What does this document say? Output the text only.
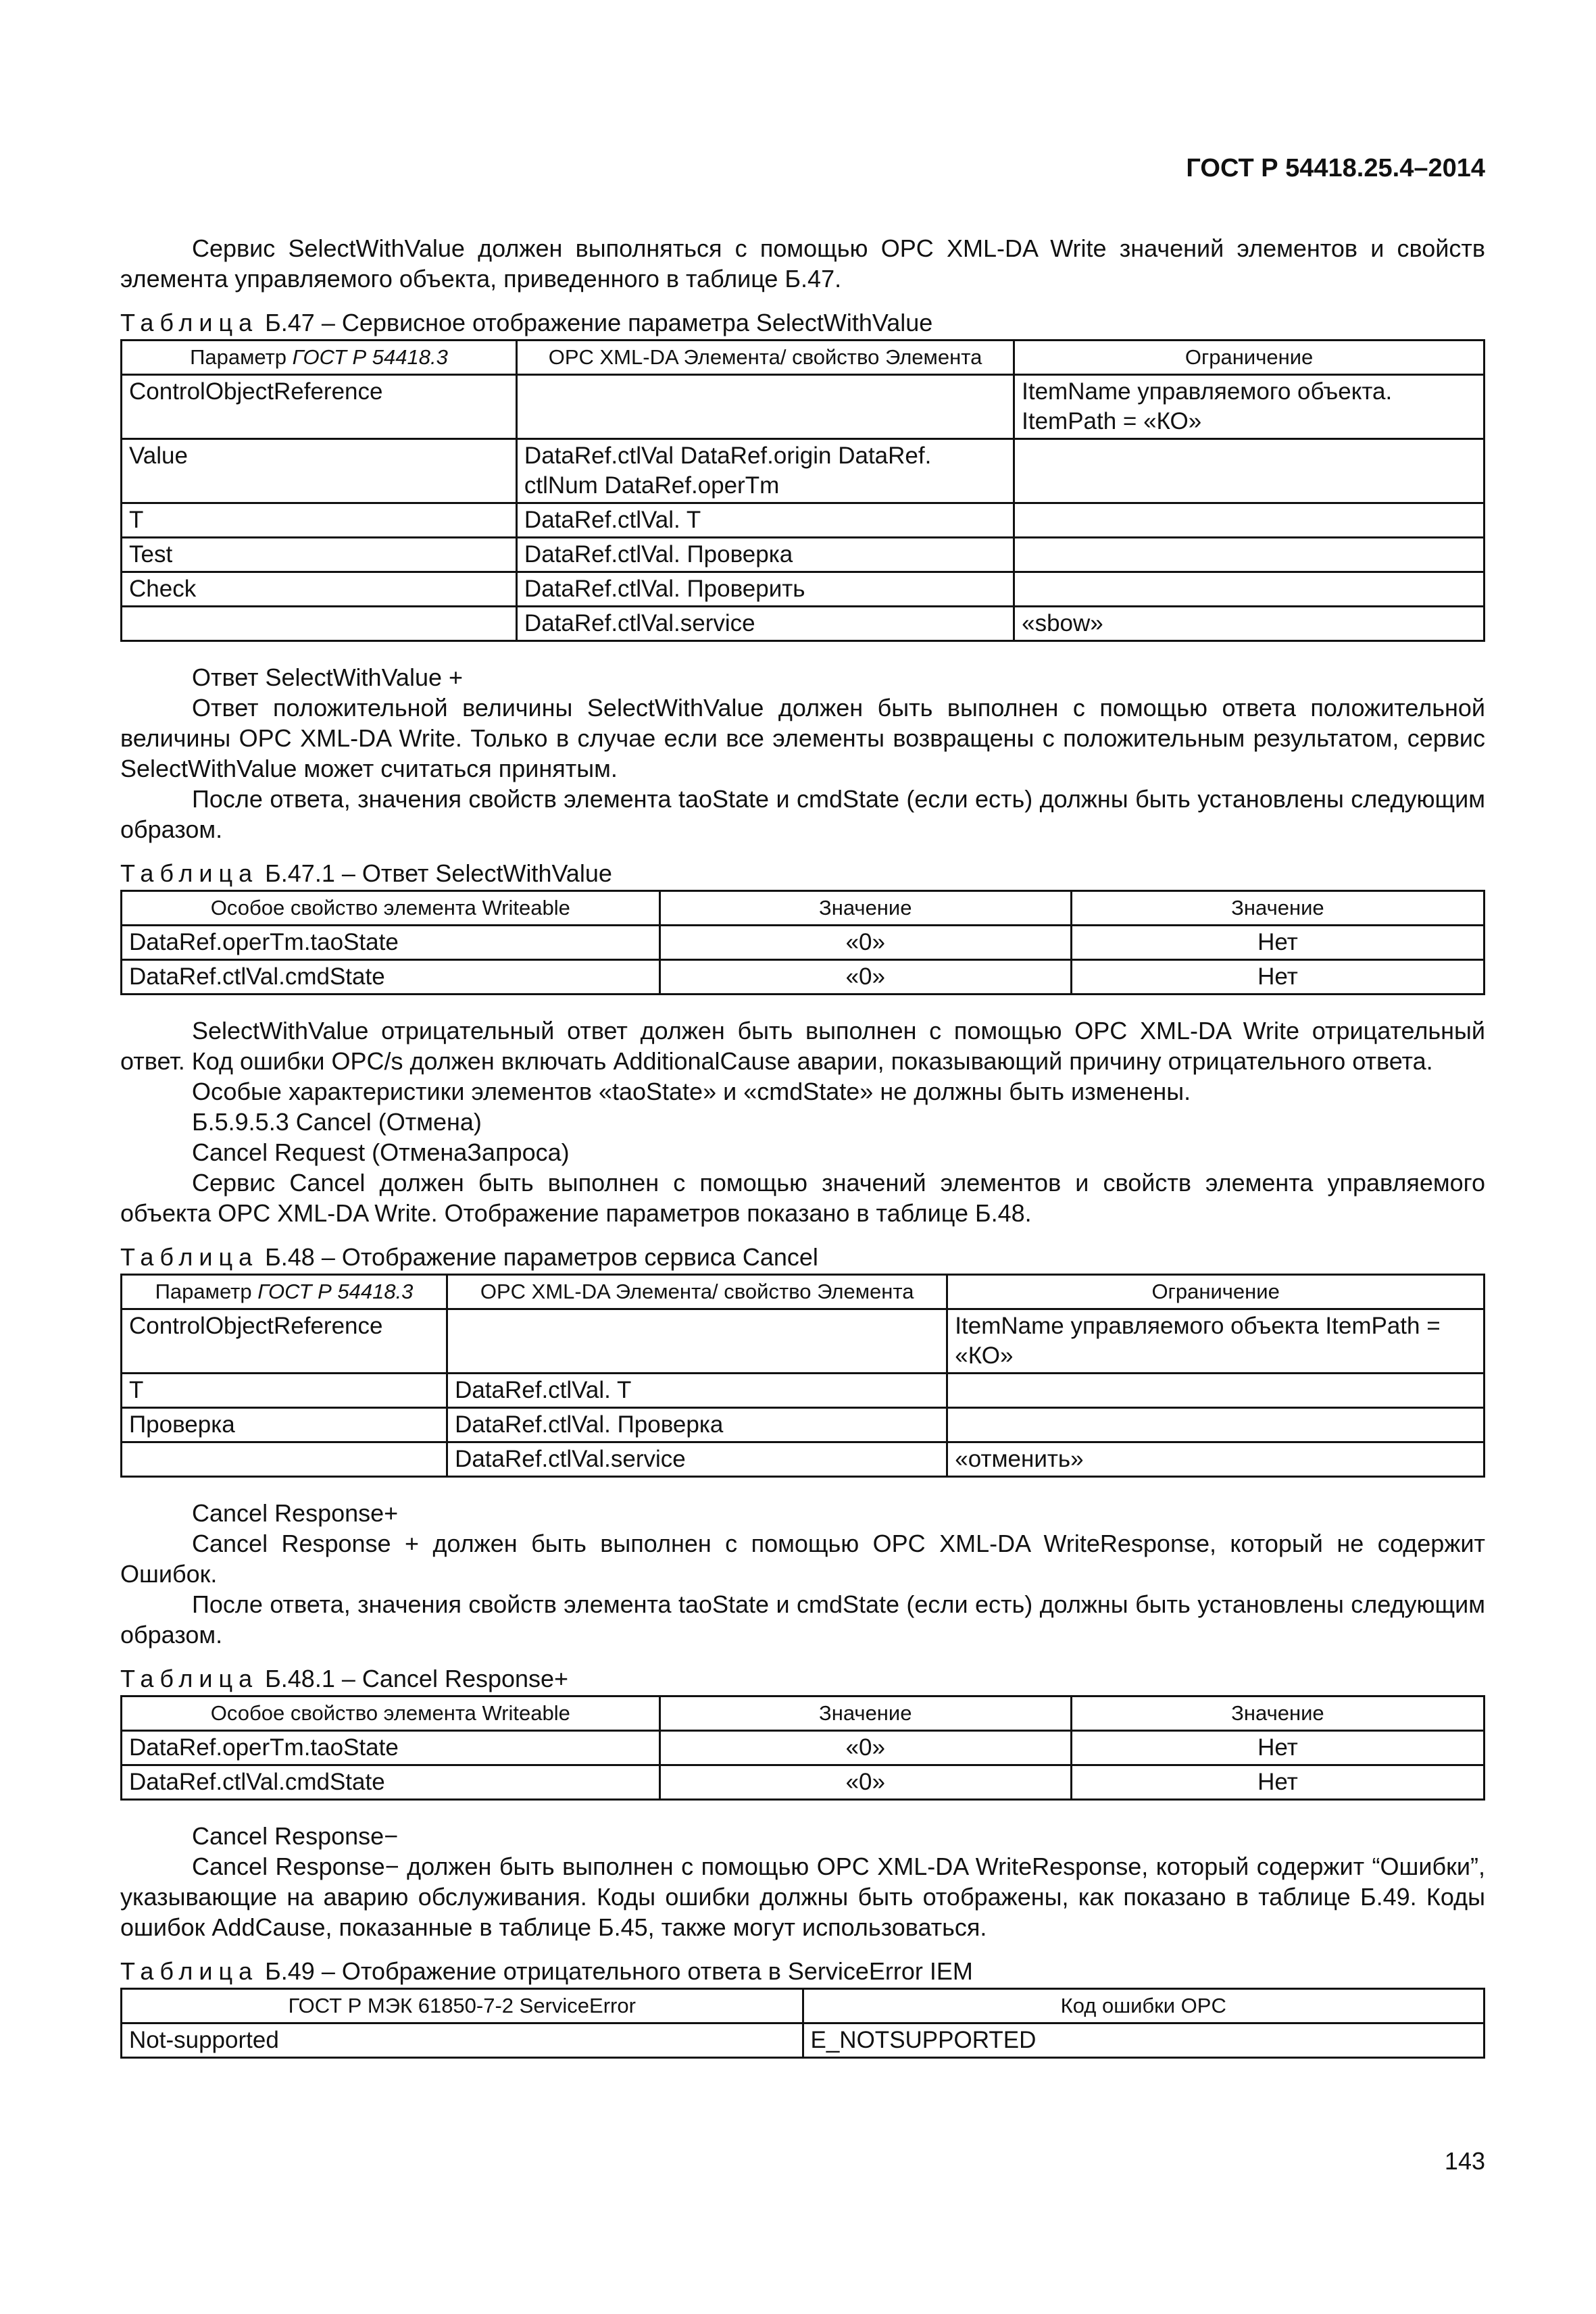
ГОСТ Р 54418.25.4–2014

Сервис SelectWithValue должен выполняться с помощью OPC XML-DA Write значений элементов и свойств элемента управляемого объекта, приведенного в таблице Б.47.

Таблица Б.47 – Сервисное отображение параметра SelectWithValue
Параметр ГОСТ Р 54418.3	OPC XML-DA Элемента/ свойство Элемента	Ограничение
ControlObjectReference		ItemName управляемого объекта. ItemPath = «КО»
Value	DataRef.ctlVal DataRef.origin DataRef. ctlNum DataRef.operTm	
T	DataRef.ctlVal. T	
Test	DataRef.ctlVal. Проверка	
Check	DataRef.ctlVal. Проверить	
	DataRef.ctlVal.service	«sbow»

Ответ SelectWithValue +

Ответ положительной величины SelectWithValue должен быть выполнен с помощью ответа положительной величины OPC XML-DA Write. Только в случае если все элементы возвращены с положительным результатом, сервис SelectWithValue может считаться принятым.

После ответа, значения свойств элемента taoState и cmdState (если есть) должны быть установлены следующим образом.

Таблица Б.47.1 – Ответ SelectWithValue
Особое свойство элемента Writeable	Значение	Значение
DataRef.operTm.taoState	«0»	Нет
DataRef.ctlVal.cmdState	«0»	Нет

SelectWithValue отрицательный ответ должен быть выполнен с помощью OPC XML-DA Write отрицательный ответ. Код ошибки OPC/s должен включать AdditionalCause аварии, показывающий причину отрицательного ответа.

Особые характеристики элементов «taoState» и «cmdState» не должны быть изменены.

Б.5.9.5.3 Cancel (Отмена)

Cancel Request (ОтменаЗапроса)

Сервис Cancel должен быть выполнен с помощью значений элементов и свойств элемента управляемого объекта OPC XML-DA Write. Отображение параметров показано в таблице Б.48.

Таблица Б.48 – Отображение параметров сервиса Cancel
Параметр ГОСТ Р 54418.3	OPC XML-DA Элемента/ свойство Элемента	Ограничение
ControlObjectReference		ItemName управляемого объекта ItemPath = «КО»
T	DataRef.ctlVal. T	
Проверка	DataRef.ctlVal. Проверка	
	DataRef.ctlVal.service	«отменить»

Cancel Response+

Cancel Response + должен быть выполнен с помощью OPC XML-DA WriteResponse, который не содержит Ошибок.

После ответа, значения свойств элемента taoState и cmdState (если есть) должны быть установлены следующим образом.

Таблица Б.48.1 – Cancel Response+
Особое свойство элемента Writeable	Значение	Значение
DataRef.operTm.taoState	«0»	Нет
DataRef.ctlVal.cmdState	«0»	Нет

Cancel Response−

Cancel Response− должен быть выполнен с помощью OPC XML-DA WriteResponse, который содержит “Ошибки”, указывающие на аварию обслуживания. Коды ошибки должны быть отображены, как показано в таблице Б.49. Коды ошибок AddCause, показанные в таблице Б.45, также могут использоваться.

Таблица Б.49 – Отображение отрицательного ответа в ServiceError IEM
ГОСТ Р МЭК 61850-7-2 ServiceError	Код ошибки OPC
Not-supported	E_NOTSUPPORTED
143
